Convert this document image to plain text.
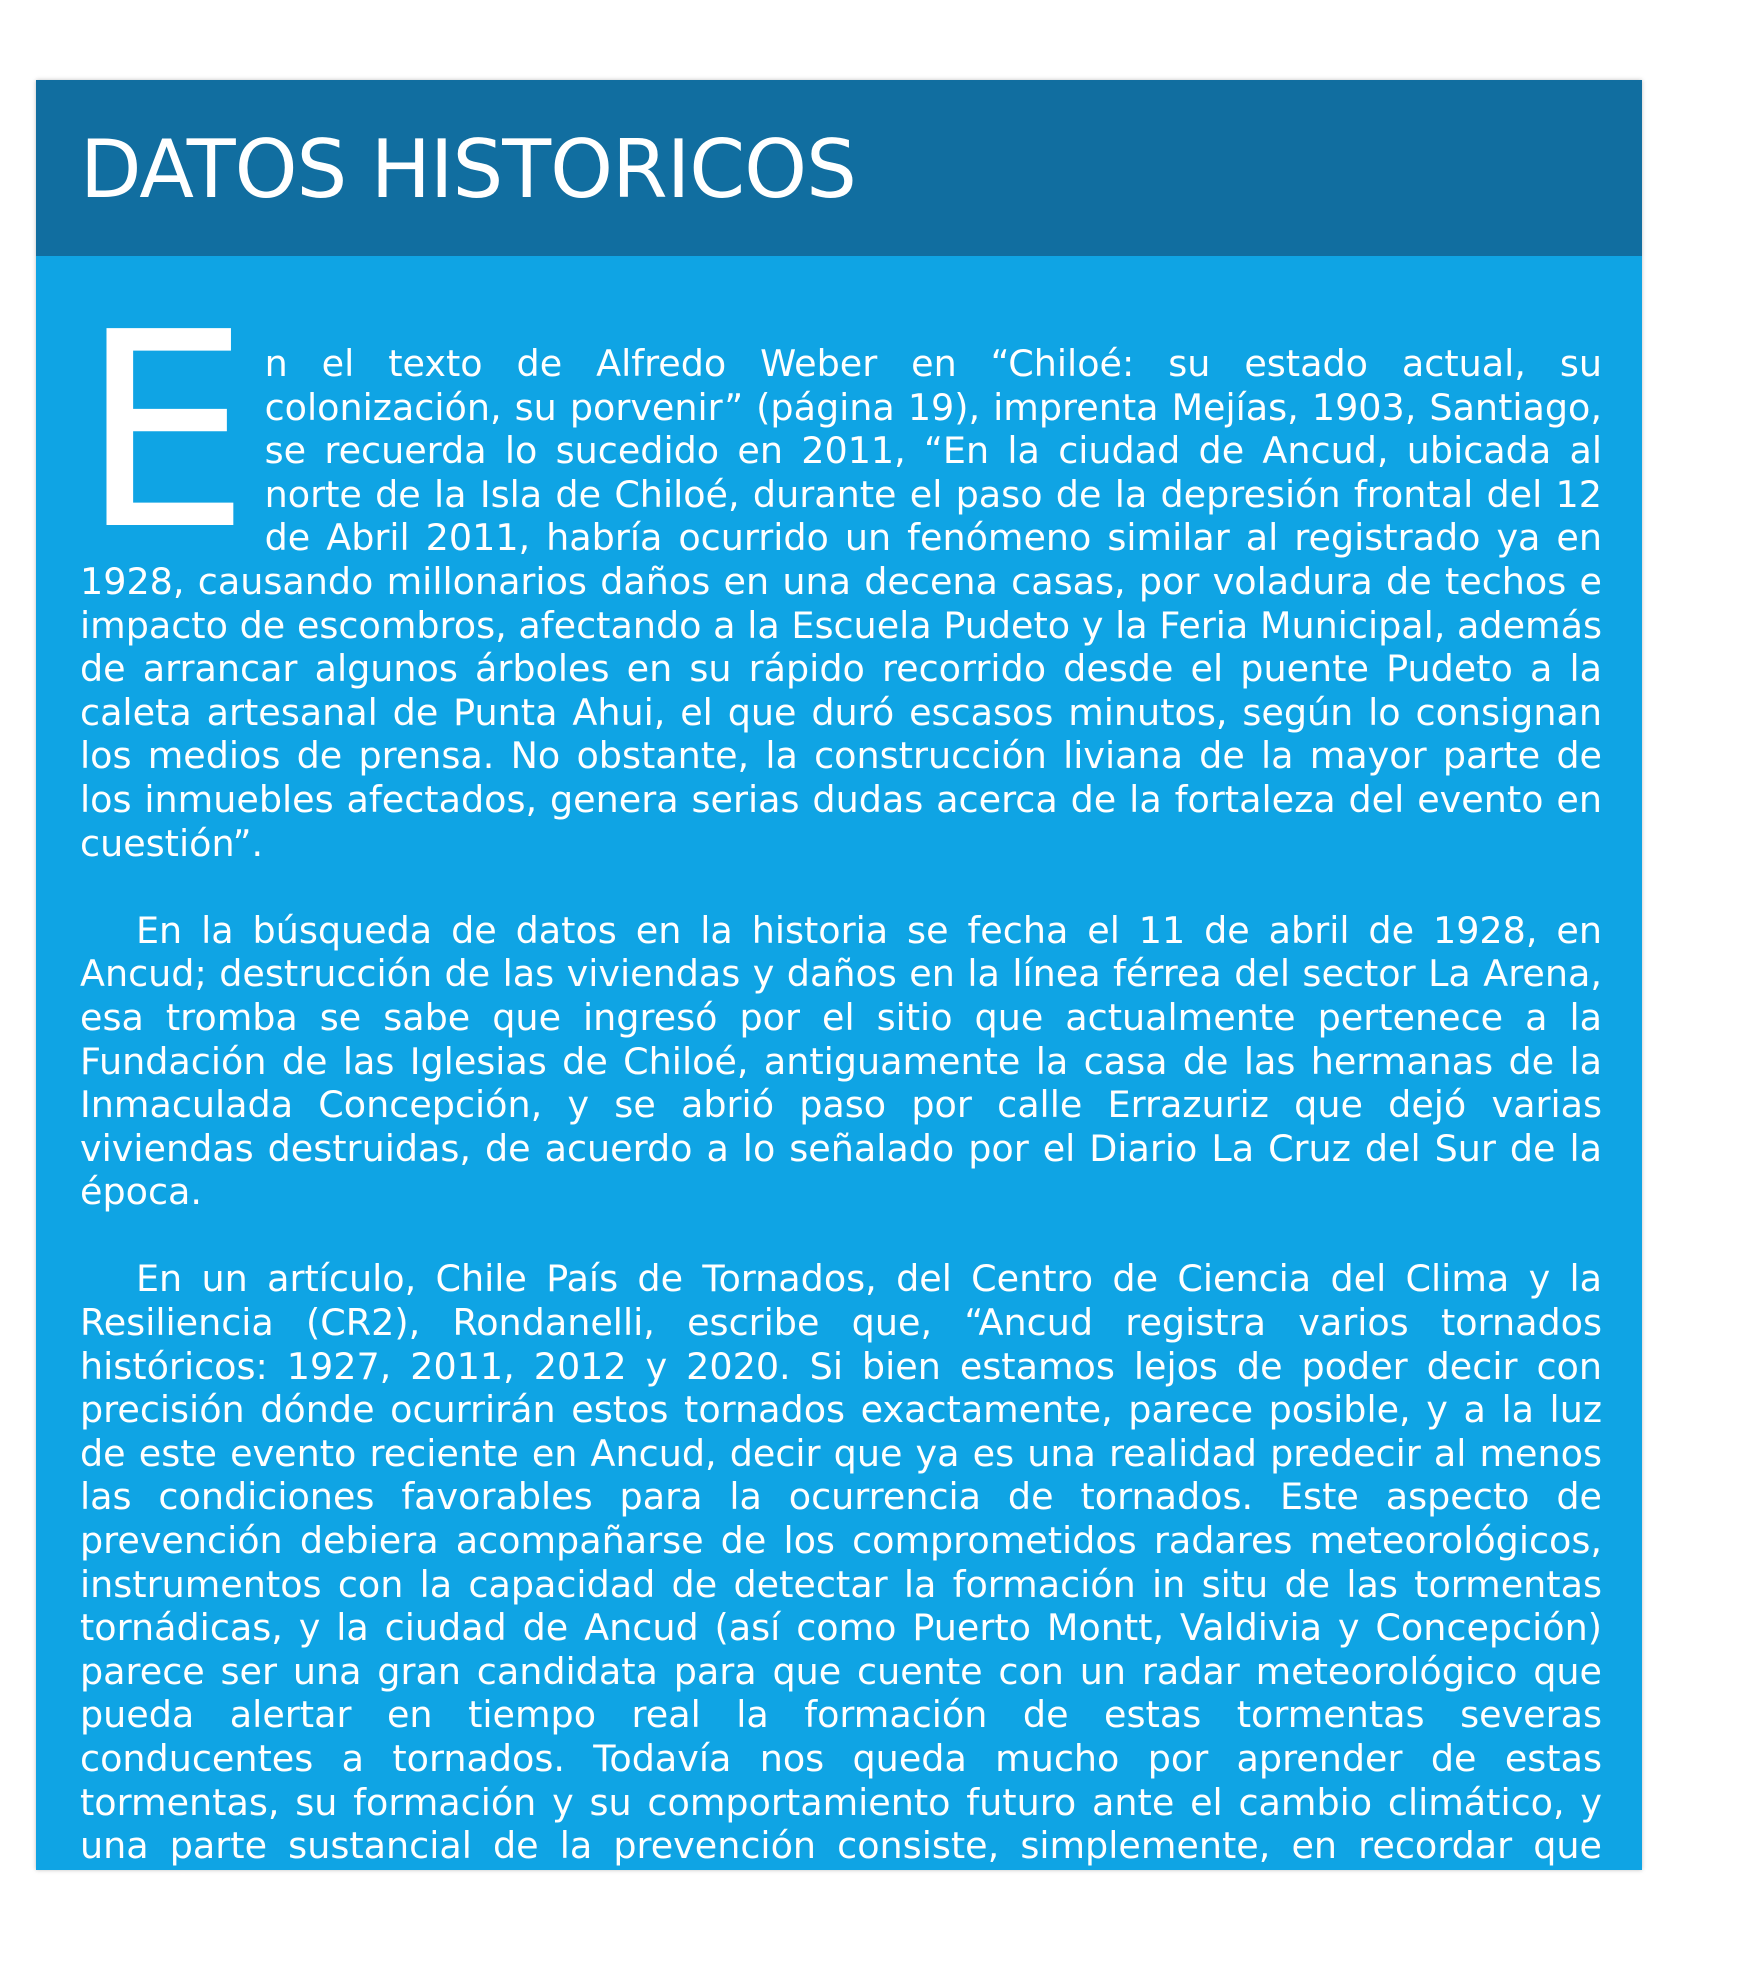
DATOS HISTORICOS

En el texto de Alfredo Weber en “Chiloé: su estado actual, su colonización, su porvenir” (página 19), imprenta Mejías, 1903, Santiago, se recuerda lo sucedido en 2011, “En la ciudad de Ancud, ubicada al norte de la Isla de Chiloé, durante el paso de la depresión frontal del 12 de Abril 2011, habría ocurrido un fenómeno similar al registrado ya en 1928, causando millonarios daños en una decena casas, por voladura de techos e impacto de escombros, afectando a la Escuela Pudeto y la Feria Municipal, además de arrancar algunos árboles en su rápido recorrido desde el puente Pudeto a la caleta artesanal de Punta Ahui, el que duró escasos minutos, según lo consignan los medios de prensa. No obstante, la construcción liviana de la mayor parte de los inmuebles afectados, genera serias dudas acerca de la fortaleza del evento en cuestión”.

En la búsqueda de datos en la historia se fecha el 11 de abril de 1928, en Ancud; destrucción de las viviendas y daños en la línea férrea del sector La Arena, esa tromba se sabe que ingresó por el sitio que actualmente pertenece a la Fundación de las Iglesias de Chiloé, antiguamente la casa de las hermanas de la Inmaculada Concepción, y se abrió paso por calle Errazuriz que dejó varias viviendas destruidas, de acuerdo a lo señalado por el Diario La Cruz del Sur de la época.

En un artículo, Chile País de Tornados, del Centro de Ciencia del Clima y la Resiliencia (CR2), Rondanelli, escribe que, “Ancud registra varios tornados históricos: 1927, 2011, 2012 y 2020. Si bien estamos lejos de poder decir con precisión dónde ocurrirán estos tornados exactamente, parece posible, y a la luz de este evento reciente en Ancud, decir que ya es una realidad predecir al menos las condiciones favorables para la ocurrencia de tornados. Este aspecto de prevención debiera acompañarse de los comprometidos radares meteorológicos, instrumentos con la capacidad de detectar la formación in situ de las tormentas tornádicas, y la ciudad de Ancud (así como Puerto Montt, Valdivia y Concepción) parece ser una gran candidata para que cuente con un radar meteorológico que pueda alertar en tiempo real la formación de estas tormentas severas conducentes a tornados. Todavía nos queda mucho por aprender de estas tormentas, su formación y su comportamiento futuro ante el cambio climático, y una parte sustancial de la prevención consiste, simplemente, en recordar que suceden.”.
